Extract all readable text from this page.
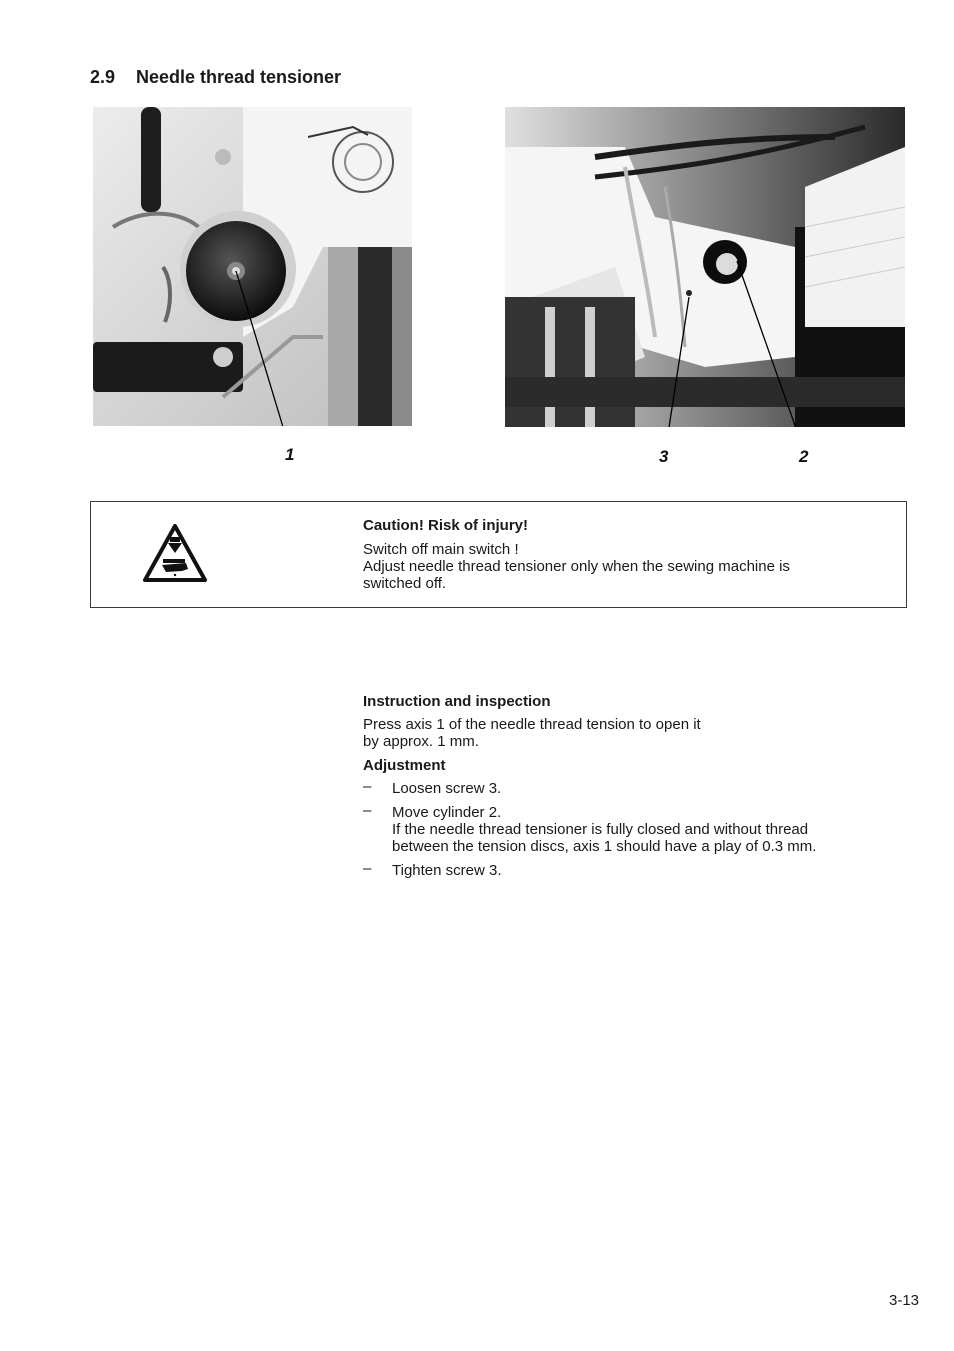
2.9 Needle thread tensioner
1	3	2
Caution! Risk of injury!
Switch off main switch !
Adjust needle thread tensioner only when the sewing machine is
switched off.
Instruction and inspection

Press axis 1 of the needle thread tension to open it
by approx. 1 mm.

Adjustment
– Loosen screw 3.
– Move cylinder 2.
If the needle thread tensioner is fully closed and without thread
between the tension discs, axis 1 should have a play of 0.3 mm.
– Tighten screw 3.
3-13
